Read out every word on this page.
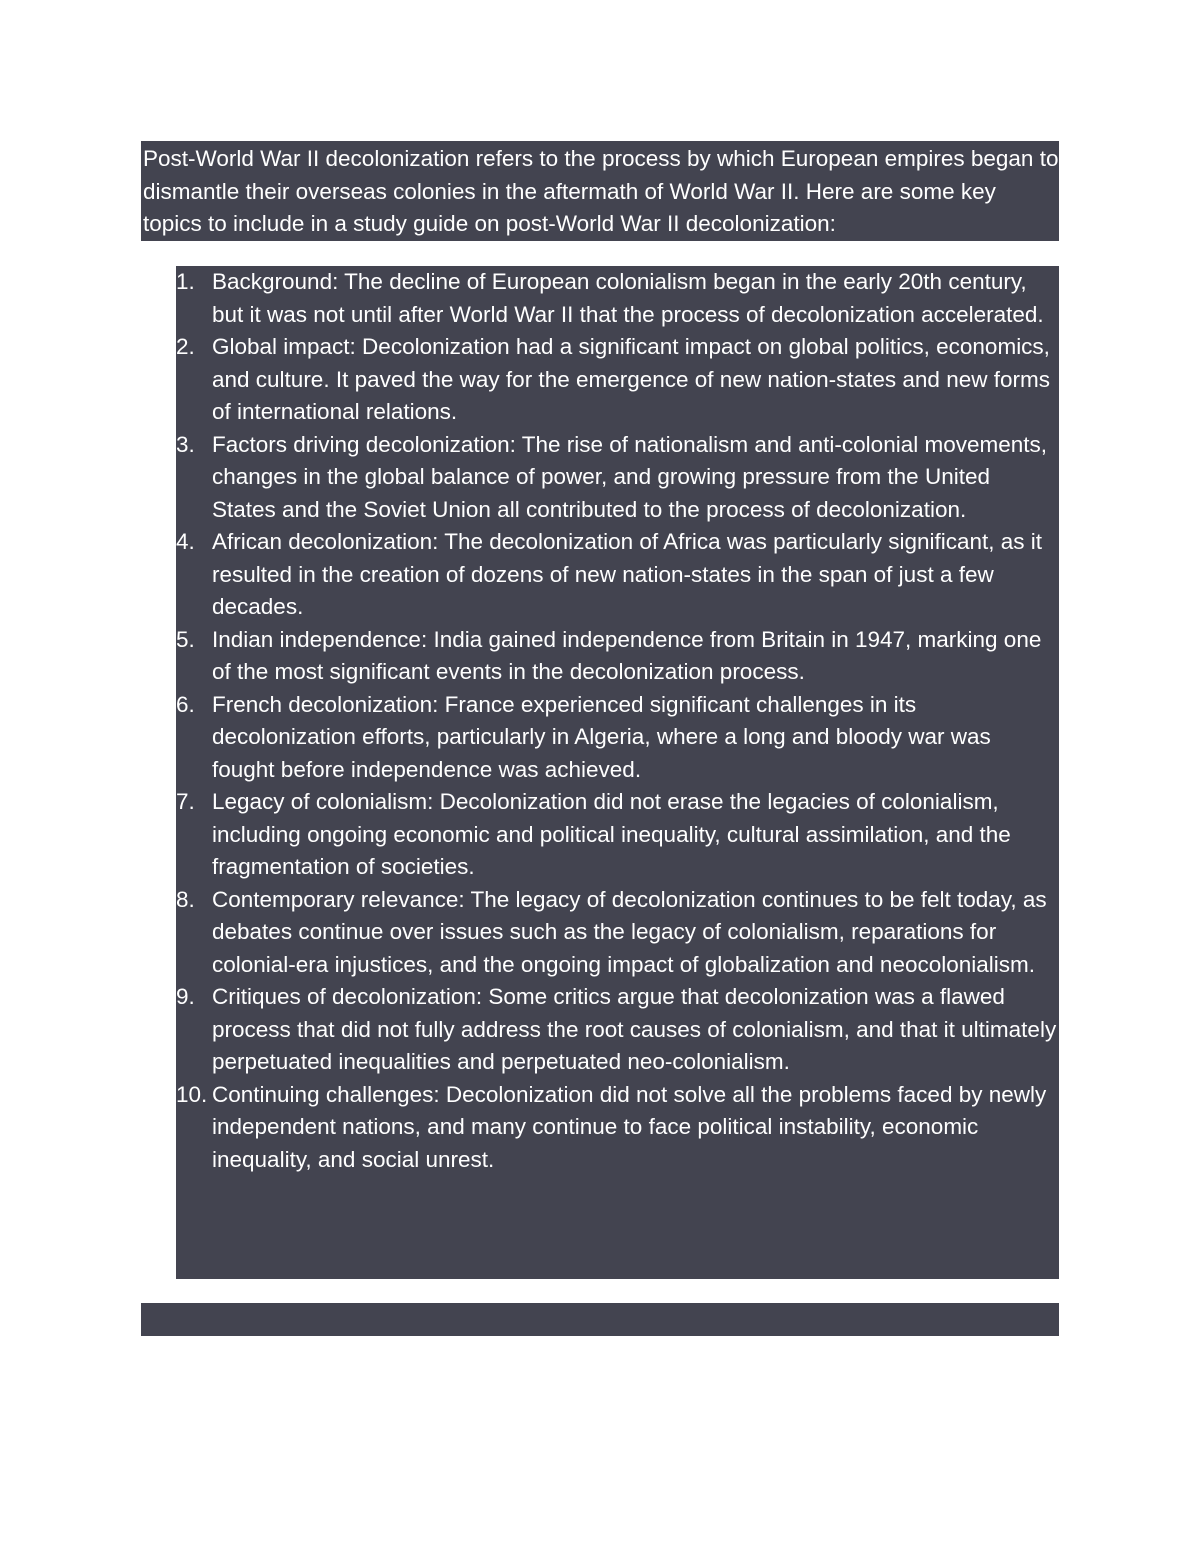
Post-World War II decolonization refers to the process by which European empires began to dismantle their overseas colonies in the aftermath of World War II. Here are some key topics to include in a study guide on post-World War II decolonization:

1. Background: The decline of European colonialism began in the early 20th century, but it was not until after World War II that the process of decolonization accelerated.
2. Global impact: Decolonization had a significant impact on global politics, economics, and culture. It paved the way for the emergence of new nation-states and new forms of international relations.
3. Factors driving decolonization: The rise of nationalism and anti-colonial movements, changes in the global balance of power, and growing pressure from the United States and the Soviet Union all contributed to the process of decolonization.
4. African decolonization: The decolonization of Africa was particularly significant, as it resulted in the creation of dozens of new nation-states in the span of just a few decades.
5. Indian independence: India gained independence from Britain in 1947, marking one of the most significant events in the decolonization process.
6. French decolonization: France experienced significant challenges in its decolonization efforts, particularly in Algeria, where a long and bloody war was fought before independence was achieved.
7. Legacy of colonialism: Decolonization did not erase the legacies of colonialism, including ongoing economic and political inequality, cultural assimilation, and the fragmentation of societies.
8. Contemporary relevance: The legacy of decolonization continues to be felt today, as debates continue over issues such as the legacy of colonialism, reparations for colonial-era injustices, and the ongoing impact of globalization and neocolonialism.
9. Critiques of decolonization: Some critics argue that decolonization was a flawed process that did not fully address the root causes of colonialism, and that it ultimately perpetuated inequalities and perpetuated neo-colonialism.
10. Continuing challenges: Decolonization did not solve all the problems faced by newly independent nations, and many continue to face political instability, economic inequality, and social unrest.
